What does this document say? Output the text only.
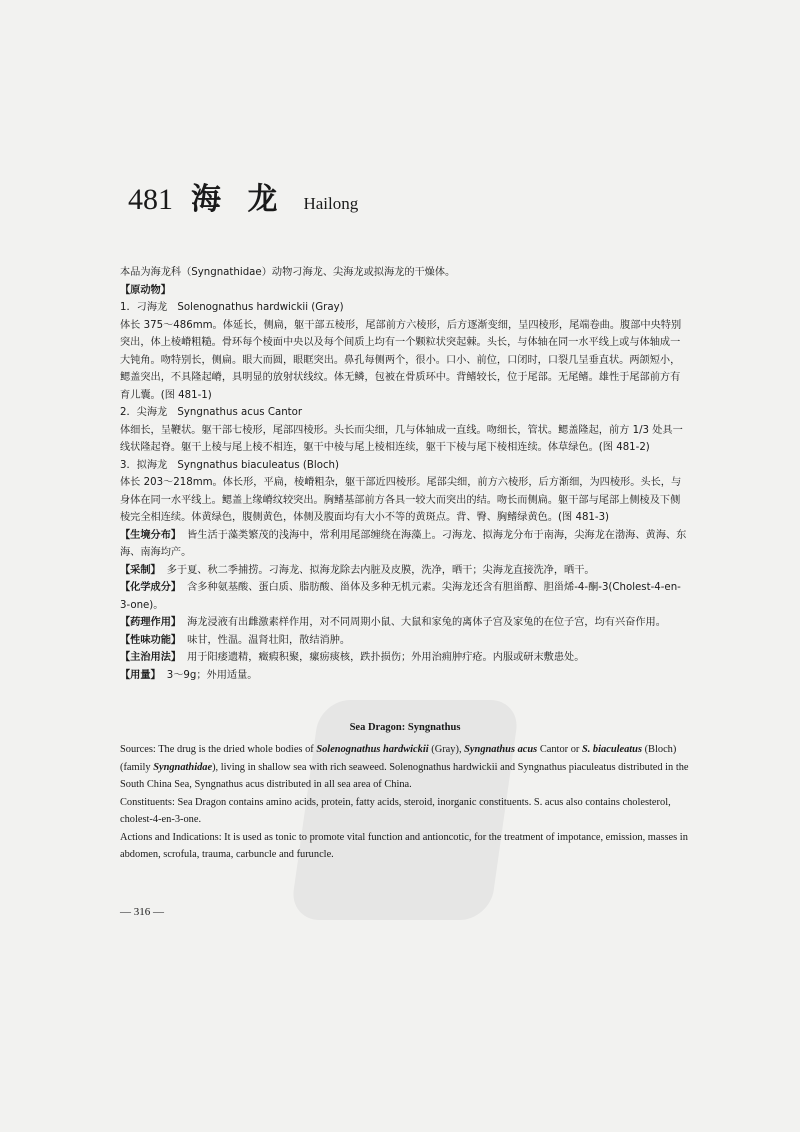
481 海 龙 Hailong

本品为海龙科（Syngnathidae）动物刁海龙、尖海龙或拟海龙的干燥体。

【原动物】

1．刁海龙　Solenognathus hardwickii (Gray)

体长 375～486mm。体延长，侧扁，躯干部五棱形，尾部前方六棱形，后方逐渐变细，呈四棱形，尾端卷曲。腹部中央特别突出，体上棱嵴粗糙。骨环每个棱面中央以及每个间质上均有一个颗粒状突起棘。头长，与体轴在同一水平线上或与体轴成一大钝角。吻特别长，侧扁。眼大而圆，眼眶突出。鼻孔每侧两个，很小。口小、前位，口闭时，口裂几呈垂直状。两颌短小，鳃盖突出，不具隆起嵴，具明显的放射状线纹。体无鳞，包被在骨质环中。背鳍较长，位于尾部。无尾鳍。雄性于尾部前方有育儿囊。(图 481-1)

2．尖海龙　Syngnathus acus Cantor

体细长，呈鞭状。躯干部七棱形，尾部四棱形。头长而尖细，几与体轴成一直线。吻细长，管状。鳃盖隆起，前方 1/3 处具一线状隆起脊。躯干上棱与尾上棱不相连，躯干中棱与尾上棱相连续，躯干下棱与尾下棱相连续。体草绿色。(图 481-2)

3．拟海龙　Syngnathus biaculeatus (Bloch)

体长 203～218mm。体长形，平扁，棱嵴粗杂，躯干部近四棱形。尾部尖细，前方六棱形，后方渐细，为四棱形。头长，与身体在同一水平线上。鳃盖上缘嵴纹较突出。胸鳍基部前方各具一较大而突出的结。吻长而侧扁。躯干部与尾部上侧棱及下侧棱完全相连续。体黄绿色，腹侧黄色，体侧及腹面均有大小不等的黄斑点。背、臀、胸鳍绿黄色。(图 481-3)

【生境分布】 皆生活于藻类繁茂的浅海中，常利用尾部缠绕在海藻上。刁海龙、拟海龙分布于南海，尖海龙在渤海、黄海、东海、南海均产。

【采制】 多于夏、秋二季捕捞。刁海龙、拟海龙除去内脏及皮膜，洗净，晒干；尖海龙直接洗净，晒干。

【化学成分】 含多种氨基酸、蛋白质、脂肪酸、甾体及多种无机元素。尖海龙还含有胆甾醇、胆甾烯-4-酮-3(Cholest-4-en-3-one)。

【药理作用】 海龙浸液有出雌激素样作用，对不同周期小鼠、大鼠和家兔的离体子宫及家兔的在位子宫，均有兴奋作用。

【性味功能】 味甘，性温。温肾壮阳，散结消肿。

【主治用法】 用于阳痿遗精，癥瘕积聚，瘰疬痰核，跌扑损伤；外用治痈肿疔疮。内服或研末敷患处。

【用量】 3～9g；外用适量。

Sea Dragon: Syngnathus

Sources: The drug is the dried whole bodies of Solenognathus hardwickii (Gray), Syngnathus acus Cantor or S. biaculeatus (Bloch) (family Syngnathidae), living in shallow sea with rich seaweed. Solenognathus hardwickii and Syngnathus piaculeatus distributed in the South China Sea, Syngnathus acus distributed in all sea area of China.

Constituents: Sea Dragon contains amino acids, protein, fatty acids, steroid, inorganic constituents. S. acus also contains cholesterol, cholest-4-en-3-one.

Actions and Indications: It is used as tonic to promote vital function and antioncotic, for the treatment of impotance, emission, masses in abdomen, scrofula, trauma, carbuncle and furuncle.

— 316 —
